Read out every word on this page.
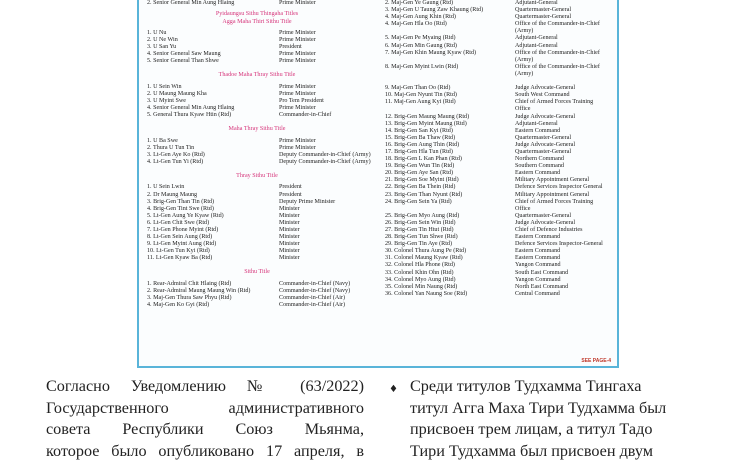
2. Senior General Min Aung Hlaing	Prime Minister
Pyidaungsu Sithu Thingaha Titles
Agga Maha Thiri Sithu Title
1. U Nu	Prime Minister
2. U Ne Win	Prime Minister
3. U San Yu	President
4. Senior General Saw Maung	Prime Minister
5. Senior General Than Shwe	Prime Minister
Thadoe Maha Thray Sithu Title
1. U Sein Win	Prime Minister
2. U Maung Maung Kha	Prime Minister
3. U Myint Swe	Pro Tem President
4. Senior General Min Aung Hlaing	Prime Minister
5. General Thura Kyaw Htin (Rtd)	Commander-in-Chief
Maha Thray Sithu Title
1. U Ba Swe	Prime Minister
2. Thura U Tun Tin	Prime Minister
3. Lt-Gen Aye Ko (Rtd)	Deputy Commander-in-Chief (Army)
4. Lt-Gen Tun Yi (Rtd)	Deputy Commander-in-Chief (Army)
Thray Sithu Title
1. U Sein Lwin	President
2. Dr Maung Maung	President
3. Brig-Gen Than Tin (Rtd)	Deputy Prime Minister
4. Brig-Gen Tint Swe (Rtd)	Minister
5. Lt-Gen Aung Ye Kyaw (Rtd)	Minister
6. Lt-Gen Chit Swe (Rtd)	Minister
7. Lt-Gen Phone Myint (Rtd)	Minister
8. Lt-Gen Sein Aung (Rtd)	Minister
9. Lt-Gen Myint Aung (Rtd)	Minister
10. Lt-Gen Tun Kyi (Rtd)	Minister
11. Lt-Gen Kyaw Ba (Rtd)	Minister
Sithu Title
1. Rear-Admiral Chit Hlaing (Rtd)	Commander-in-Chief (Navy)
2. Rear-Admiral Maung Maung Win (Rtd)	Commander-in-Chief (Navy)
3. Maj-Gen Thura Saw Phyu (Rtd)	Commander-in-Chief (Air)
4. Maj-Gen Ko Gyi (Rtd)	Commander-in-Chief (Air)
2. Maj-Gen Ye Gaung (Rtd)	Adjutant-General
3. Maj-Gen U Taung Zaw Khaung (Rtd)	Quartermaster-General
4. Maj-Gen Aung Khin (Rtd)	Quartermaster-General
4. Maj-Gen Hla Oo (Rtd)	Office of the Commander-in-Chief
(Army)
5. Maj-Gen Pe Myaing (Rtd)	Adjutant-General
6. Maj-Gen Min Gaung (Rtd)	Adjutant-General
7. Maj-Gen Khin Maung Kyaw (Rtd)	Office of the Commander-in-Chief
(Army)
8. Maj-Gen Myint Lwin (Rtd)	Office of the Commander-in-Chief
(Army)
9. Maj-Gen Than Oo (Rtd)	Judge Advocate-General
10. Maj-Gen Nyunt Tin (Rtd)	South West Command
11. Maj-Gen Aung Kyi (Rtd)	Chief of Armed Forces Training
Office
12. Brig-Gen Maung Maung (Rtd)	Judge Advocate-General
13. Brig-Gen Myint Maung (Rtd)	Adjutant-General
14. Brig-Gen San Kyi (Rtd)	Eastern Command
15. Brig-Gen Ba Thaw (Rtd)	Quartermaster-General
16. Brig-Gen Aung Thin (Rtd)	Judge Advocate-General
17. Brig-Gen Hla Tun (Rtd)	Quartermaster-General
18. Brig-Gen L Kan Phan (Rtd)	Northern Command
19. Brig-Gen Wun Tin (Rtd)	Southern Command
20. Brig-Gen Aye San (Rtd)	Eastern Command
21. Brig-Gen Soe Myint (Rtd)	Military Appointment General
22. Brig-Gen Ba Thein (Rtd)	Defence Services Inspector General
23. Brig-Gen Than Nyunt (Rtd)	Military Appointment General
24. Brig-Gen Sein Ya (Rtd)	Chief of Armed Forces Training
Office
25. Brig-Gen Myo Aung (Rtd)	Quartermaster-General
26. Brig-Gen Sein Win (Rtd)	Judge Advocate-General
27. Brig-Gen Tin Htut (Rtd)	Chief of Defence Industries
28. Brig-Gen Tun Shwe (Rtd)	Eastern Command
29. Brig-Gen Tin Aye (Rtd)	Defence Services Inspector-General
30. Colonel Thura Aung Pe (Rtd)	Eastern Command
31. Colonel Maung Kyaw (Rtd)	Eastern Command
32. Colonel Hla Phone (Rtd)	Yangon Command
33. Colonel Khin Ohn (Rtd)	South East Command
34. Colonel Myo Aung (Rtd)	Yangon Command
35. Colonel Min Naung (Rtd)	North East Command
36. Colonel Yan Naung Soe (Rtd)	Central Command
SEE PAGE-4
Согласно Уведомлению № (63/2022)
Государственного административного
совета Республики Союз Мьянма,
которое было опубликовано 17 апреля, в
♦ Среди титулов Тудхамма Тингаха
титул Агга Маха Тири Тудхамма был
присвоен трем лицам, а титул Тадо
Тири Тудхамма был присвоен двум
